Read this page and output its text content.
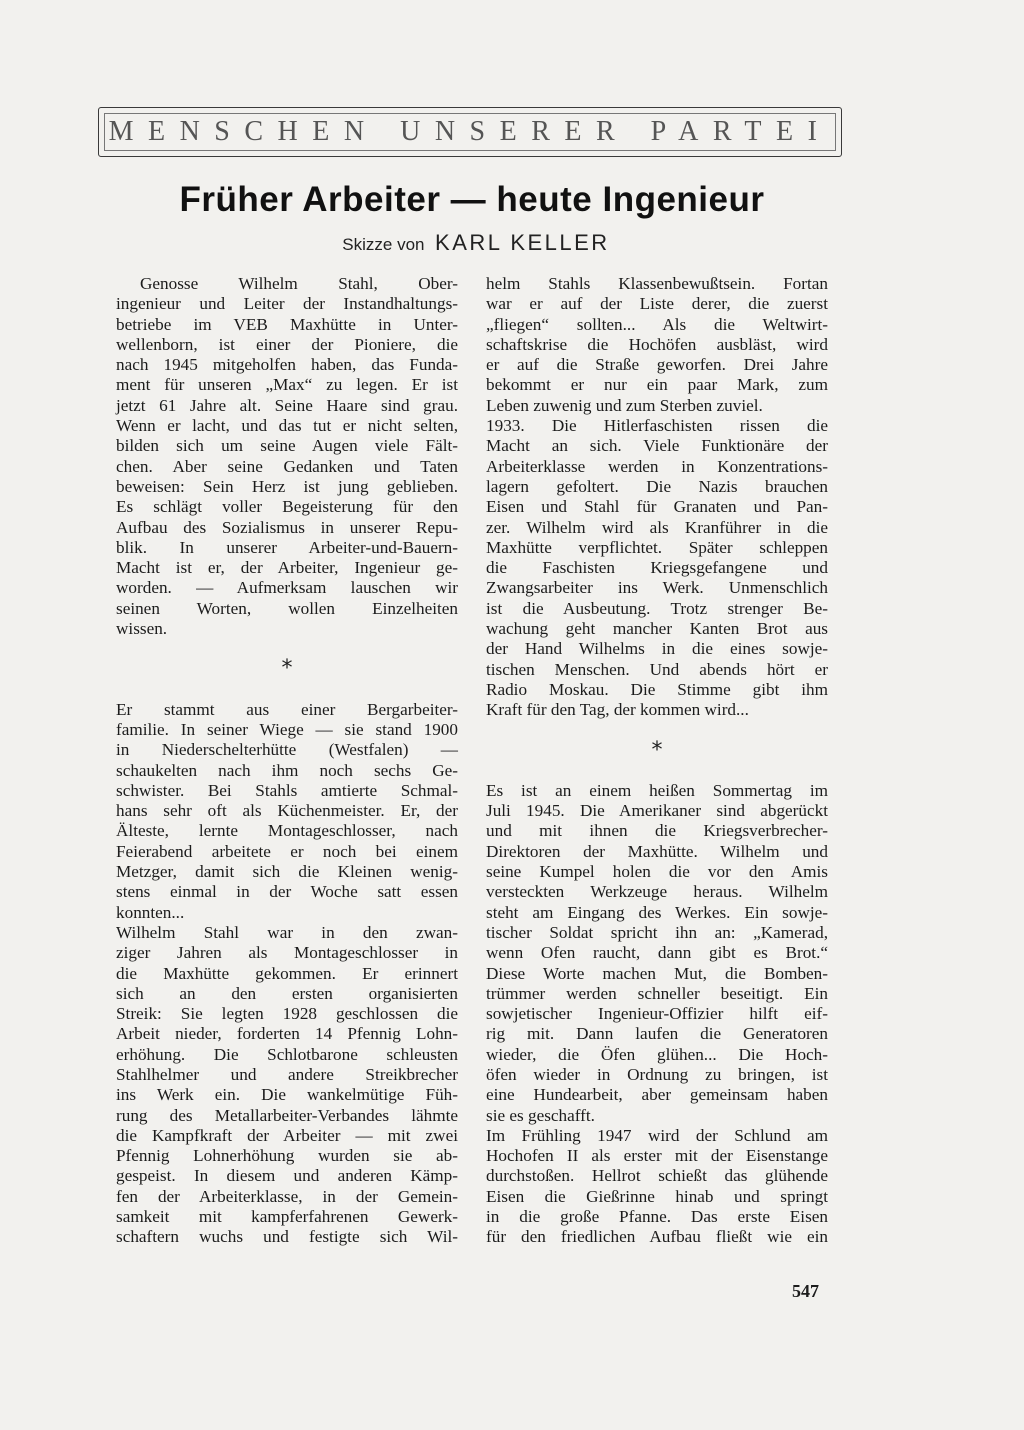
MENSCHEN UNSERER PARTEI
Früher Arbeiter — heute Ingenieur
Skizze von KARL KELLER
Genosse Wilhelm Stahl, Ober-
ingenieur und Leiter der Instandhaltungs-
betriebe im VEB Maxhütte in Unter-
wellenborn, ist einer der Pioniere, die
nach 1945 mitgeholfen haben, das Funda-
ment für unseren „Max“ zu legen. Er ist
jetzt 61 Jahre alt. Seine Haare sind grau.
Wenn er lacht, und das tut er nicht selten,
bilden sich um seine Augen viele Fält-
chen. Aber seine Gedanken und Taten
beweisen: Sein Herz ist jung geblieben.
Es schlägt voller Begeisterung für den
Aufbau des Sozialismus in unserer Repu-
blik. In unserer Arbeiter-und-Bauern-
Macht ist er, der Arbeiter, Ingenieur ge-
worden. — Aufmerksam lauschen wir
seinen Worten, wollen Einzelheiten
wissen.
*
Er stammt aus einer Bergarbeiter-
familie. In seiner Wiege — sie stand 1900
in Niederschelterhütte (Westfalen) —
schaukelten nach ihm noch sechs Ge-
schwister. Bei Stahls amtierte Schmal-
hans sehr oft als Küchenmeister. Er, der
Älteste, lernte Montageschlosser, nach
Feierabend arbeitete er noch bei einem
Metzger, damit sich die Kleinen wenig-
stens einmal in der Woche satt essen
konnten...
Wilhelm Stahl war in den zwan-
ziger Jahren als Montageschlosser in
die Maxhütte gekommen. Er erinnert
sich an den ersten organisierten
Streik: Sie legten 1928 geschlossen die
Arbeit nieder, forderten 14 Pfennig Lohn-
erhöhung. Die Schlotbarone schleusten
Stahlhelmer und andere Streikbrecher
ins Werk ein. Die wankelmütige Füh-
rung des Metallarbeiter-Verbandes lähmte
die Kampfkraft der Arbeiter — mit zwei
Pfennig Lohnerhöhung wurden sie ab-
gespeist. In diesem und anderen Kämp-
fen der Arbeiterklasse, in der Gemein-
samkeit mit kampferfahrenen Gewerk-
schaftern wuchs und festigte sich Wil-
helm Stahls Klassenbewußtsein. Fortan
war er auf der Liste derer, die zuerst
„fliegen“ sollten... Als die Weltwirt-
schaftskrise die Hochöfen ausbläst, wird
er auf die Straße geworfen. Drei Jahre
bekommt er nur ein paar Mark, zum
Leben zuwenig und zum Sterben zuviel.
1933. Die Hitlerfaschisten rissen die
Macht an sich. Viele Funktionäre der
Arbeiterklasse werden in Konzentrations-
lagern gefoltert. Die Nazis brauchen
Eisen und Stahl für Granaten und Pan-
zer. Wilhelm wird als Kranführer in die
Maxhütte verpflichtet. Später schleppen
die Faschisten Kriegsgefangene und
Zwangsarbeiter ins Werk. Unmenschlich
ist die Ausbeutung. Trotz strenger Be-
wachung geht mancher Kanten Brot aus
der Hand Wilhelms in die eines sowje-
tischen Menschen. Und abends hört er
Radio Moskau. Die Stimme gibt ihm
Kraft für den Tag, der kommen wird...
*
Es ist an einem heißen Sommertag im
Juli 1945. Die Amerikaner sind abgerückt
und mit ihnen die Kriegsverbrecher-
Direktoren der Maxhütte. Wilhelm und
seine Kumpel holen die vor den Amis
versteckten Werkzeuge heraus. Wilhelm
steht am Eingang des Werkes. Ein sowje-
tischer Soldat spricht ihn an: „Kamerad,
wenn Ofen raucht, dann gibt es Brot.“
Diese Worte machen Mut, die Bomben-
trümmer werden schneller beseitigt. Ein
sowjetischer Ingenieur-Offizier hilft eif-
rig mit. Dann laufen die Generatoren
wieder, die Öfen glühen... Die Hoch-
öfen wieder in Ordnung zu bringen, ist
eine Hundearbeit, aber gemeinsam haben
sie es geschafft.
Im Frühling 1947 wird der Schlund am
Hochofen II als erster mit der Eisenstange
durchstoßen. Hellrot schießt das glühende
Eisen die Gießrinne hinab und springt
in die große Pfanne. Das erste Eisen
für den friedlichen Aufbau fließt wie ein
547
